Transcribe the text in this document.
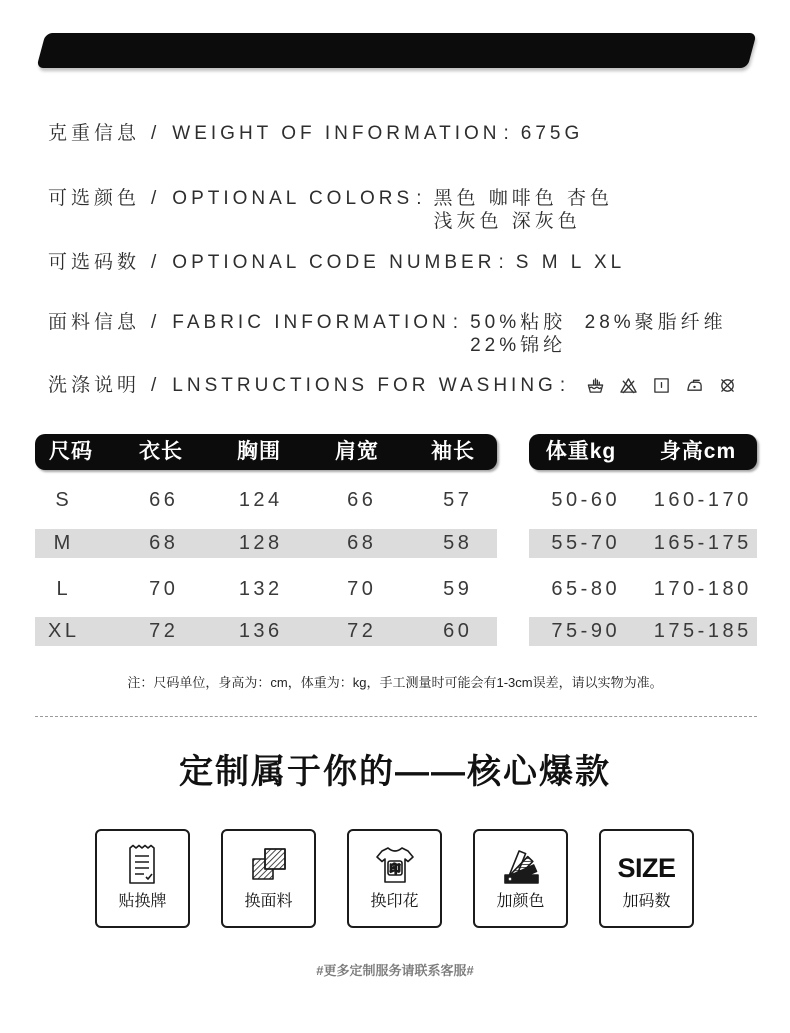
克重信息 / WEIGHT OF INFORMATION : 675G
可选颜色 / OPTIONAL COLORS : 黑色 咖啡色 杏色
浅灰色 深灰色
可选码数 / OPTIONAL CODE NUMBER : S M L XL
面料信息 / FABRIC INFORMATION : 50%粘胶  28%聚脂纤维
22%锦纶
洗涤说明 / LNSTRUCTIONS FOR WASHING :
尺码	衣长	胸围	肩宽	袖长	体重kg	身高cm
S	66	124	66	57	50-60	160-170
M	68	128	68	58	55-70	165-175
L	70	132	70	59	65-80	170-180
XL	72	136	72	60	75-90	175-185
注：尺码单位，身高为：cm，体重为：kg，手工测量时可能会有1-3cm误差，请以实物为准。
定制属于你的——核心爆款
贴换牌	换面料
印
换印花	加颜色
SIZE
加码数
#更多定制服务请联系客服#
